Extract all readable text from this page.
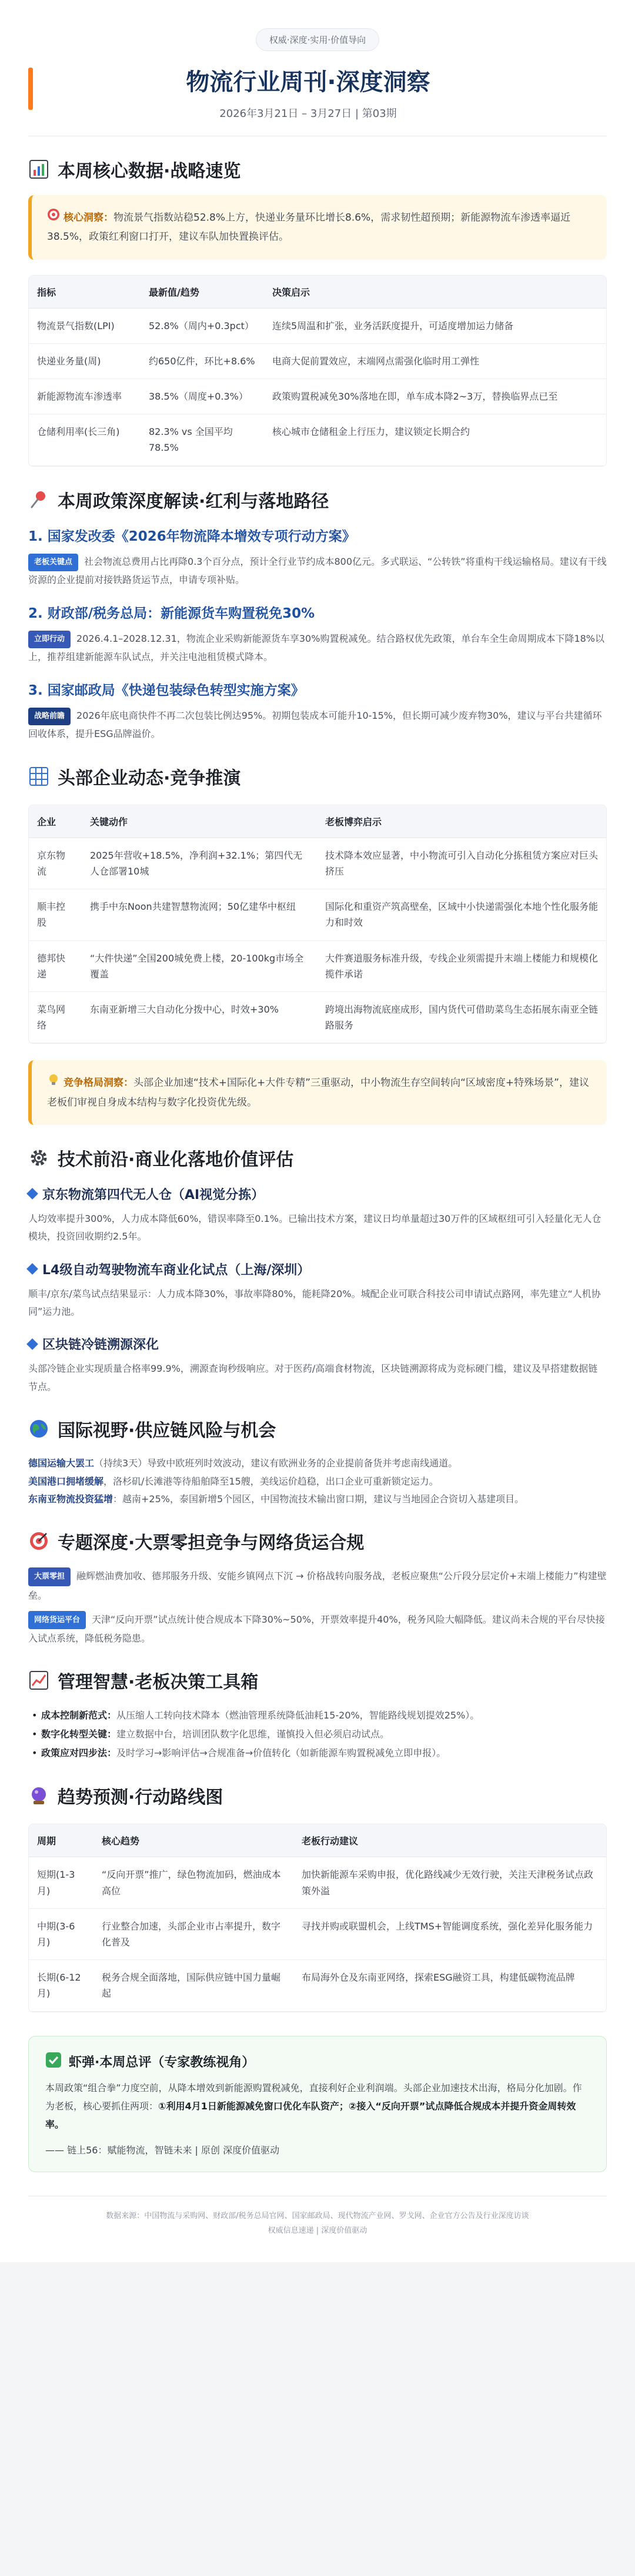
权威·深度·实用·价值导向
物流行业周刊·深度洞察
2026年3月21日 – 3月27日 | 第03期
本周核心数据·战略速览
核心洞察：物流景气指数站稳52.8%上方，快递业务量环比增长8.6%，需求韧性超预期；新能源物流车渗透率逼近38.5%，政策红利窗口打开，建议车队加快置换评估。
指标	最新值/趋势	决策启示
物流景气指数(LPI)	52.8%（周内+0.3pct）	连续5周温和扩张，业务活跃度提升，可适度增加运力储备
快递业务量(周)	约650亿件，环比+8.6%	电商大促前置效应，末端网点需强化临时用工弹性
新能源物流车渗透率	38.5%（周度+0.3%）	政策购置税减免30%落地在即，单车成本降2~3万，替换临界点已至
仓储利用率(长三角)	82.3% vs 全国平均78.5%	核心城市仓储租金上行压力，建议锁定长期合约
本周政策深度解读·红利与落地路径
1. 国家发改委《2026年物流降本增效专项行动方案》

老板关键点 社会物流总费用占比再降0.3个百分点，预计全行业节约成本800亿元。多式联运、“公转铁”将重构干线运输格局。建议有干线资源的企业提前对接铁路货运节点，申请专项补贴。

2. 财政部/税务总局：新能源货车购置税免30%

立即行动 2026.4.1–2028.12.31，物流企业采购新能源货车享30%购置税减免。结合路权优先政策，单台车全生命周期成本下降18%以上，推荐组建新能源车队试点，并关注电池租赁模式降本。

3. 国家邮政局《快递包装绿色转型实施方案》

战略前瞻 2026年底电商快件不再二次包装比例达95%。初期包装成本可能升10-15%，但长期可减少废弃物30%，建议与平台共建循环回收体系，提升ESG品牌溢价。

头部企业动态·竞争推演
企业	关键动作	老板博弈启示
京东物流	2025年营收+18.5%，净利润+32.1%；第四代无人仓部署10城	技术降本效应显著，中小物流可引入自动化分拣租赁方案应对巨头挤压
顺丰控股	携手中东Noon共建智慧物流网；50亿建华中枢纽	国际化和重资产筑高壁垒，区域中小快递需强化本地个性化服务能力和时效
德邦快递	“大件快递”全国200城免费上楼，20-100kg市场全覆盖	大件赛道服务标准升级，专线企业须需提升末端上楼能力和规模化揽件承诺
菜鸟网络	东南亚新增三大自动化分拨中心，时效+30%	跨境出海物流底座成形，国内货代可借助菜鸟生态拓展东南亚全链路服务
竞争格局洞察：头部企业加速“技术+国际化+大件专精”三重驱动，中小物流生存空间转向“区域密度+特殊场景”，建议老板们审视自身成本结构与数字化投资优先级。
技术前沿·商业化落地价值评估
京东物流第四代无人仓（AI视觉分拣）

人均效率提升300%，人力成本降低60%，错误率降至0.1%。已输出技术方案，建议日均单量超过30万件的区域枢纽可引入轻量化无人仓模块，投资回收期约2.5年。

L4级自动驾驶物流车商业化试点（上海/深圳）

顺丰/京东/菜鸟试点结果显示：人力成本降30%，事故率降80%，能耗降20%。城配企业可联合科技公司申请试点路网，率先建立“人机协同”运力池。

区块链冷链溯源深化

头部冷链企业实现质量合格率99.9%，溯源查询秒级响应。对于医药/高端食材物流，区块链溯源将成为竞标硬门槛，建议及早搭建数据链节点。

国际视野·供应链风险与机会

德国运输大罢工（持续3天）导致中欧班列时效波动，建议有欧洲业务的企业提前备货并考虑南线通道。

美国港口拥堵缓解，洛杉矶/长滩港等待船舶降至15艘，美线运价趋稳，出口企业可重新锁定运力。

东南亚物流投资猛增：越南+25%，泰国新增5个园区，中国物流技术输出窗口期，建议与当地园企合资切入基建项目。

专题深度·大票零担竞争与网络货运合规

大票零担 融辉燃油费加收、德邦服务升级、安能乡镇网点下沉 → 价格战转向服务战，老板应聚焦“公斤段分层定价+末端上楼能力”构建壁垒。

网络货运平台 天津“反向开票”试点统计使合规成本下降30%~50%，开票效率提升40%，税务风险大幅降低。建议尚未合规的平台尽快接入试点系统，降低税务隐患。

管理智慧·老板决策工具箱
• 成本控制新范式：从压缩人工转向技术降本（燃油管理系统降低油耗15-20%，智能路线规划提效25%）。
• 数字化转型关键：建立数据中台，培训团队数字化思维，谨慎投入但必须启动试点。
• 政策应对四步法：及时学习→影响评估→合规准备→价值转化（如新能源车购置税减免立即申报）。
趋势预测·行动路线图
周期	核心趋势	老板行动建议
短期(1-3月)	“反向开票”推广，绿色物流加码，燃油成本高位	加快新能源车采购申报，优化路线减少无效行驶，关注天津税务试点政策外溢
中期(3-6月)	行业整合加速，头部企业市占率提升，数字化普及	寻找并购或联盟机会，上线TMS+智能调度系统，强化差异化服务能力
长期(6-12月)	税务合规全面落地，国际供应链中国力量崛起	布局海外仓及东南亚网络，探索ESG融资工具，构建低碳物流品牌
虾弹·本周总评（专家教练视角）

本周政策“组合拳”力度空前，从降本增效到新能源购置税减免，直接利好企业利润端。头部企业加速技术出海，格局分化加剧。作为老板，核心要抓住两项：①利用4月1日新能源减免窗口优化车队资产；②接入“反向开票”试点降低合规成本并提升资金周转效率。

—— 链上56：赋能物流，智链未来 | 原创 深度价值驱动

数据来源：中国物流与采购网、财政部/税务总局官网、国家邮政局、现代物流产业网、罗戈网、企业官方公告及行业深度访谈
权威信息速递 | 深度价值驱动
